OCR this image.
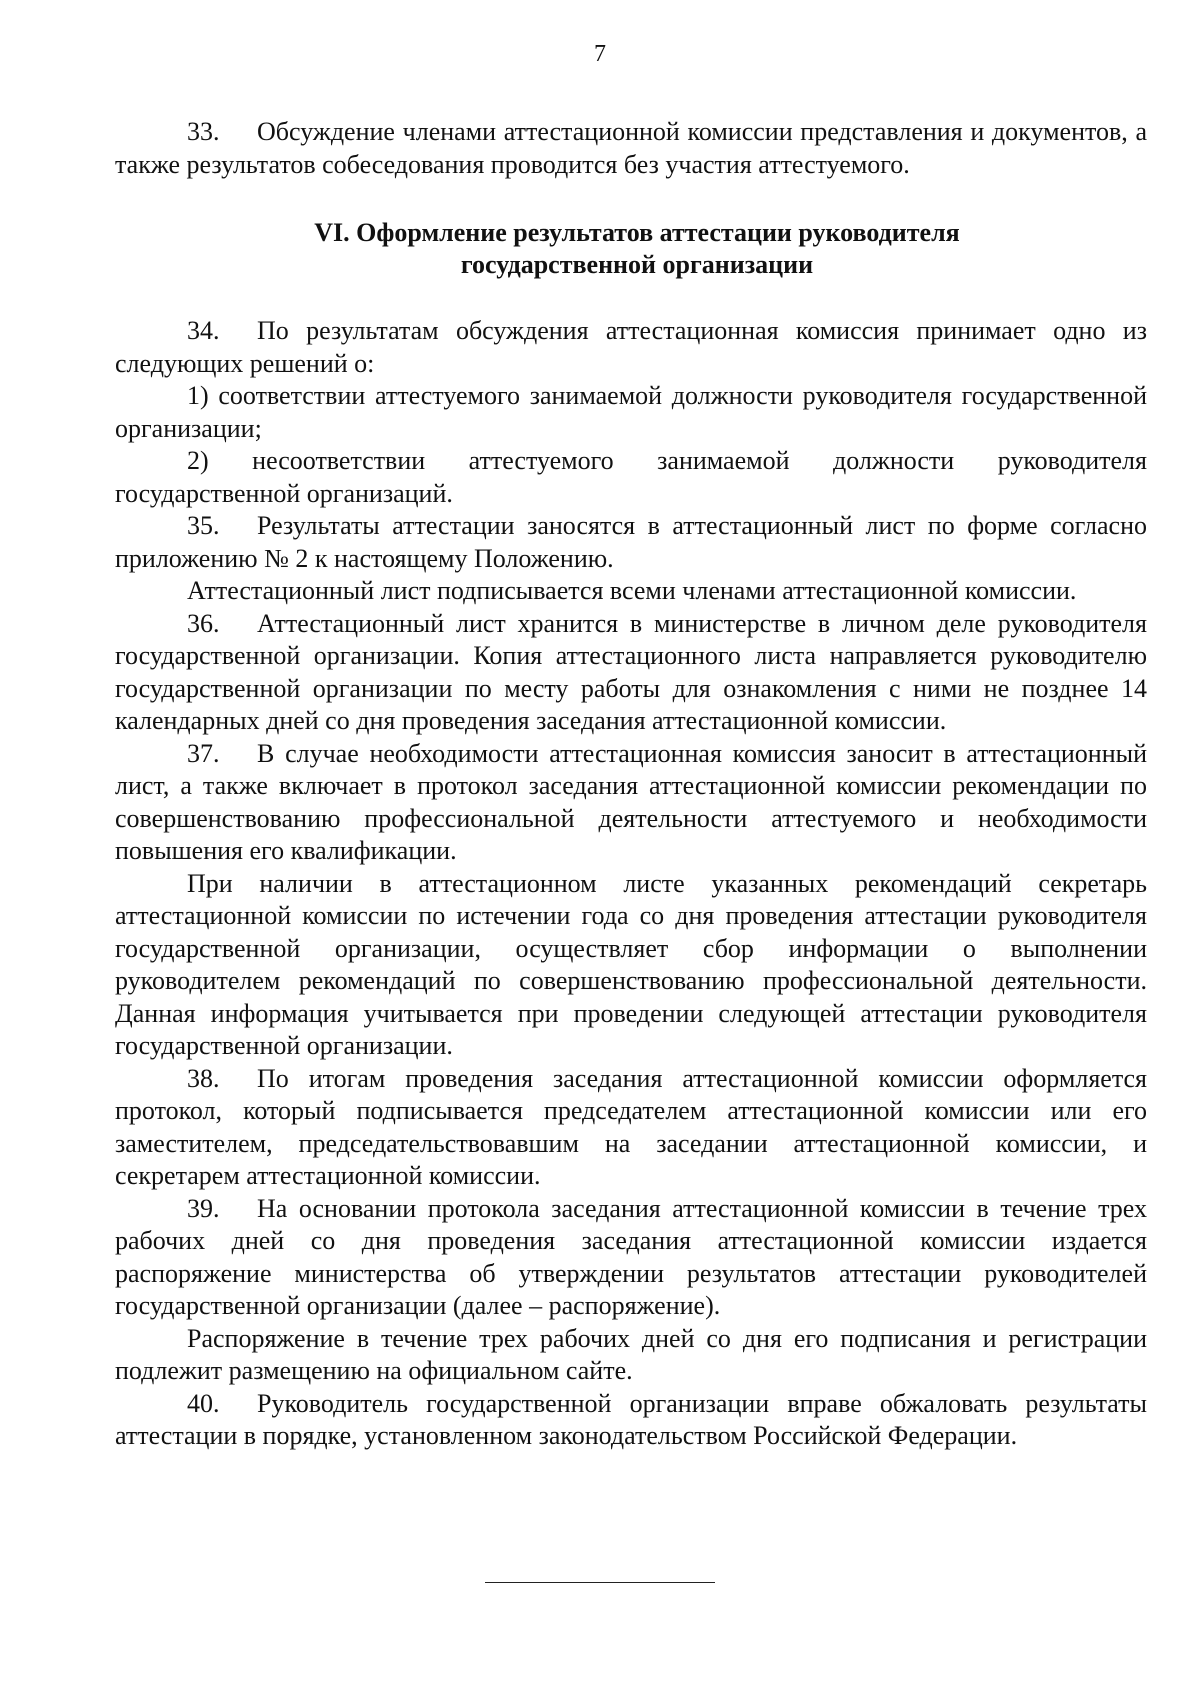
7

33. Обсуждение членами аттестационной комиссии представления и документов, а также результатов собеседования проводится без участия аттестуемого.

VI. Оформление результатов аттестации руководителя
государственной организации

34. По результатам обсуждения аттестационная комиссия принимает одно из следующих решений о:

1) соответствии аттестуемого занимаемой должности руководителя государственной организации;

2) несоответствии аттестуемого занимаемой должности руководителя государственной организаций.

35. Результаты аттестации заносятся в аттестационный лист по форме согласно приложению № 2 к настоящему Положению.

Аттестационный лист подписывается всеми членами аттестационной комиссии.

36. Аттестационный лист хранится в министерстве в личном деле руководителя государственной организации. Копия аттестационного листа направляется руководителю государственной организации по месту работы для ознакомления с ними не позднее 14 календарных дней со дня проведения заседания аттестационной комиссии.

37. В случае необходимости аттестационная комиссия заносит в аттестационный лист, а также включает в протокол заседания аттестационной комиссии рекомендации по совершенствованию профессиональной деятельности аттестуемого и необходимости повышения его квалификации.

При наличии в аттестационном листе указанных рекомендаций секретарь аттестационной комиссии по истечении года со дня проведения аттестации руководителя государственной организации, осуществляет сбор информации о выполнении руководителем рекомендаций по совершенствованию профессиональной деятельности. Данная информация учитывается при проведении следующей аттестации руководителя государственной организации.

38. По итогам проведения заседания аттестационной комиссии оформляется протокол, который подписывается председателем аттестационной комиссии или его заместителем, председательствовавшим на заседании аттестационной комиссии, и секретарем аттестационной комиссии.

39. На основании протокола заседания аттестационной комиссии в течение трех рабочих дней со дня проведения заседания аттестационной комиссии издается распоряжение министерства об утверждении результатов аттестации руководителей государственной организации (далее – распоряжение).

Распоряжение в течение трех рабочих дней со дня его подписания и регистрации подлежит размещению на официальном сайте.

40. Руководитель государственной организации вправе обжаловать результаты аттестации в порядке, установленном законодательством Российской Федерации.
